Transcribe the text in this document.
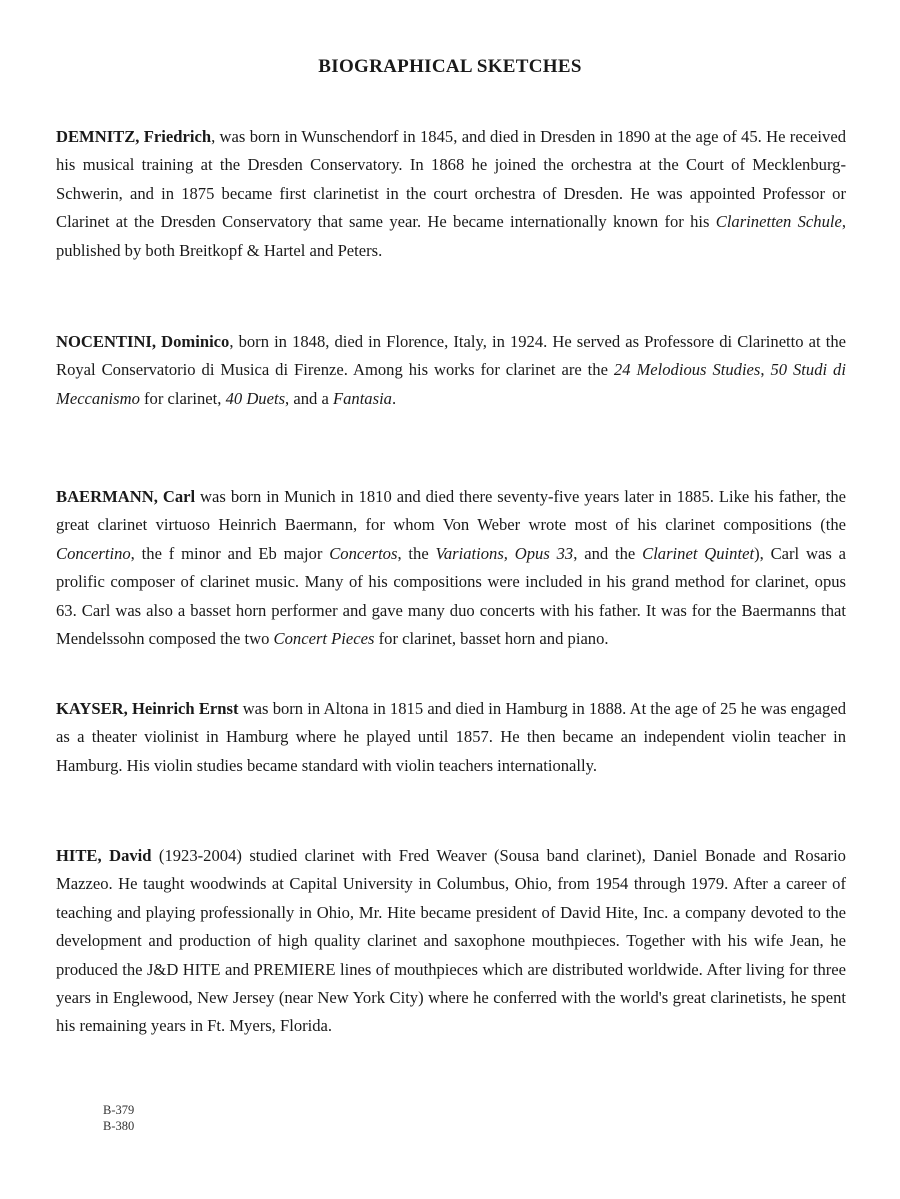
BIOGRAPHICAL SKETCHES
DEMNITZ, Friedrich, was born in Wunschendorf in 1845, and died in Dresden in 1890 at the age of 45. He received his musical training at the Dresden Conservatory. In 1868 he joined the orchestra at the Court of Mecklenburg-Schwerin, and in 1875 became first clarinetist in the court orchestra of Dresden. He was appointed Professor or Clarinet at the Dresden Conservatory that same year. He became internationally known for his Clarinetten Schule, published by both Breitkopf & Hartel and Peters.
NOCENTINI, Dominico, born in 1848, died in Florence, Italy, in 1924. He served as Professore di Clarinetto at the Royal Conservatorio di Musica di Firenze. Among his works for clarinet are the 24 Melodious Studies, 50 Studi di Meccanismo for clarinet, 40 Duets, and a Fantasia.
BAERMANN, Carl was born in Munich in 1810 and died there seventy-five years later in 1885. Like his father, the great clarinet virtuoso Heinrich Baermann, for whom Von Weber wrote most of his clarinet compositions (the Concertino, the f minor and Eb major Concertos, the Variations, Opus 33, and the Clarinet Quintet), Carl was a prolific composer of clarinet music. Many of his compositions were included in his grand method for clarinet, opus 63. Carl was also a basset horn performer and gave many duo concerts with his father. It was for the Baermanns that Mendelssohn composed the two Concert Pieces for clarinet, basset horn and piano.
KAYSER, Heinrich Ernst was born in Altona in 1815 and died in Hamburg in 1888. At the age of 25 he was engaged as a theater violinist in Hamburg where he played until 1857. He then became an independent violin teacher in Hamburg. His violin studies became standard with violin teachers internationally.
HITE, David (1923-2004) studied clarinet with Fred Weaver (Sousa band clarinet), Daniel Bonade and Rosario Mazzeo. He taught woodwinds at Capital University in Columbus, Ohio, from 1954 through 1979. After a career of teaching and playing professionally in Ohio, Mr. Hite became president of David Hite, Inc. a company devoted to the development and production of high quality clarinet and saxophone mouthpieces. Together with his wife Jean, he produced the J&D HITE and PREMIERE lines of mouthpieces which are distributed worldwide. After living for three years in Englewood, New Jersey (near New York City) where he conferred with the world's great clarinetists, he spent his remaining years in Ft. Myers, Florida.
B-379
B-380
